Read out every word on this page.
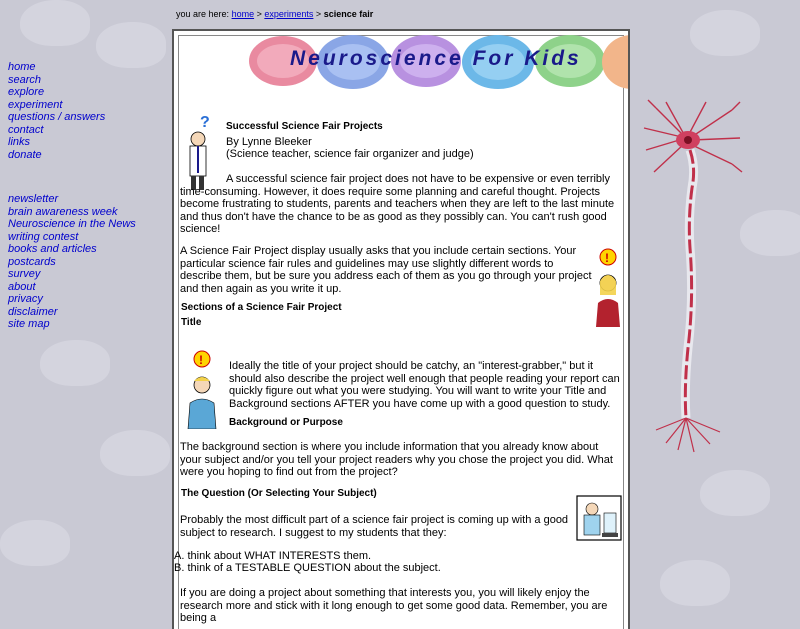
you are here: home > experiments > science fair
home
search
explore
experiment
questions / answers
contact
links
donate
newsletter
brain awareness week
Neuroscience in the News
writing contest
books and articles
postcards
survey
about
privacy
disclaimer
site map
Neuroscience For Kids
?
!
!
Successful Science Fair Projects
By Lynne Bleeker
(Science teacher, science fair organizer and judge)

A successful science fair project does not have to be expensive or even terribly time-consuming. However, it does require some planning and careful thought. Projects become frustrating to students, parents and teachers when they are left to the last minute and thus don't have the chance to be as good as they possibly can. You can't rush good science!

A Science Fair Project display usually asks that you include certain sections. Your particular science fair rules and guidelines may use slightly different words to describe them, but be sure you address each of them as you go through your project and then again as you write it up.

Sections of a Science Fair Project
Title

Ideally the title of your project should be catchy, an "interest-grabber," but it should also describe the project well enough that people reading your report can quickly figure out what you were studying. You will want to write your Title and Background sections AFTER you have come up with a good question to study.

Background or Purpose

The background section is where you include information that you already know about your subject and/or you tell your project readers why you chose the project you did. What were you hoping to find out from the project?

The Question (Or Selecting Your Subject)

Probably the most difficult part of a science fair project is coming up with a good subject to research. I suggest to my students that they:

A. think about WHAT INTERESTS them.
B. think of a TESTABLE QUESTION about the subject.

If you are doing a project about something that interests you, you will likely enjoy the research more and stick with it long enough to get some good data. Remember, you are being a
